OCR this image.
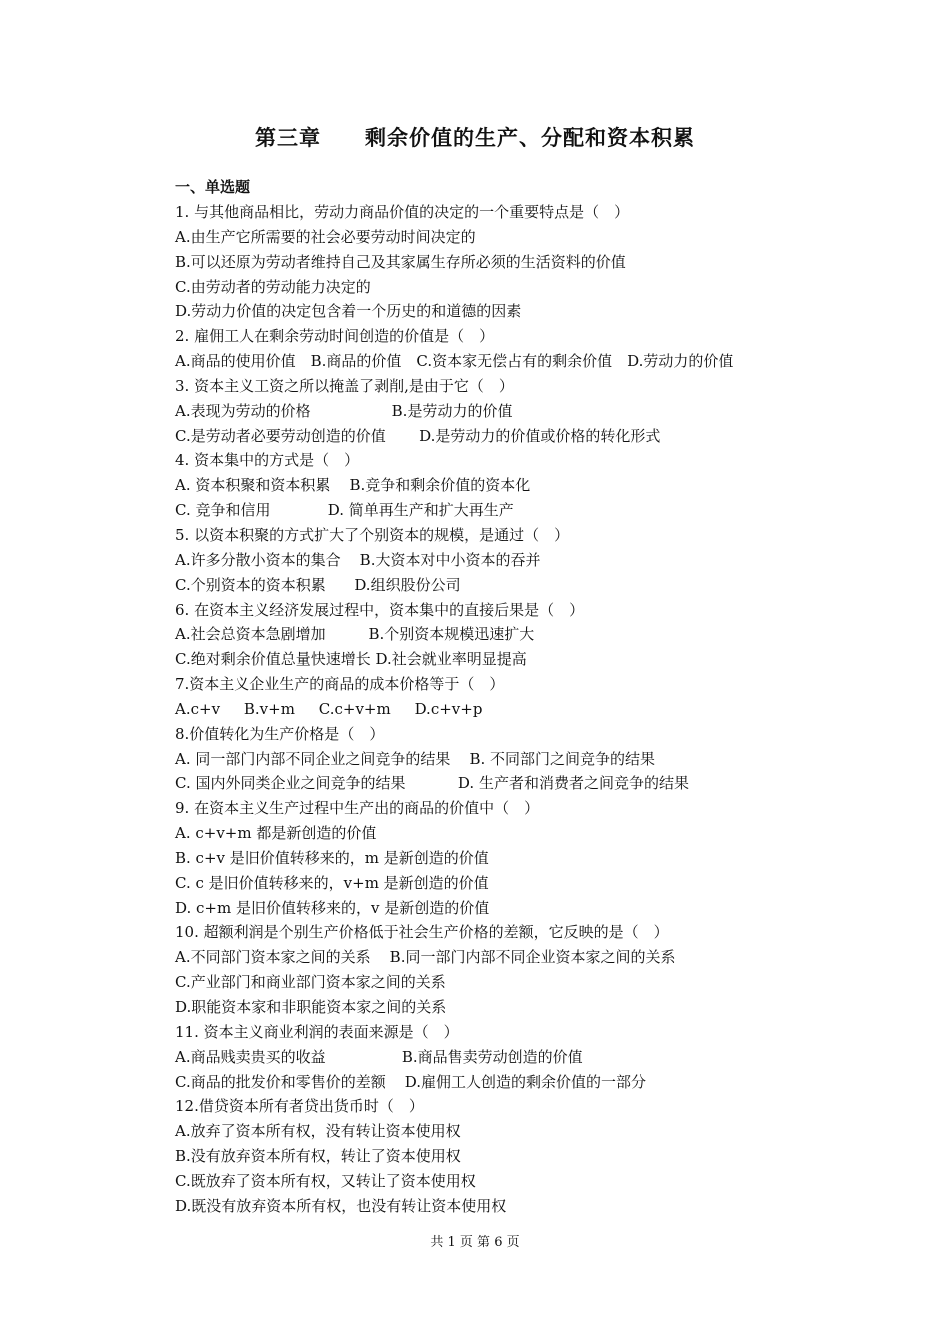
第三章　　剩余价值的生产、分配和资本积累
一、单选题
1. 与其他商品相比，劳动力商品价值的决定的一个重要特点是（　）
A.由生产它所需要的社会必要劳动时间决定的
B.可以还原为劳动者维持自己及其家属生存所必须的生活资料的价值
C.由劳动者的劳动能力决定的
D.劳动力价值的决定包含着一个历史的和道德的因素
2. 雇佣工人在剩余劳动时间创造的价值是（　）
A.商品的使用价值　B.商品的价值　C.资本家无偿占有的剩余价值　D.劳动力的价值
3. 资本主义工资之所以掩盖了剥削,是由于它（　）
A.表现为劳动的价格                 B.是劳动力的价值
C.是劳动者必要劳动创造的价值       D.是劳动力的价值或价格的转化形式
4. 资本集中的方式是（　）
A. 资本积聚和资本积累    B.竞争和剩余价值的资本化
C. 竞争和信用            D. 简单再生产和扩大再生产
5. 以资本积聚的方式扩大了个别资本的规模，是通过（　）
A.许多分散小资本的集合    B.大资本对中小资本的吞并
C.个别资本的资本积累      D.组织股份公司
6. 在资本主义经济发展过程中，资本集中的直接后果是（　）
A.社会总资本急剧增加         B.个别资本规模迅速扩大
C.绝对剩余价值总量快速增长 D.社会就业率明显提高
7.资本主义企业生产的商品的成本价格等于（　）
A.c+v     B.v+m     C.c+v+m     D.c+v+p
8.价值转化为生产价格是（　）
A. 同一部门内部不同企业之间竞争的结果    B. 不同部门之间竞争的结果
C. 国内外同类企业之间竞争的结果           D. 生产者和消费者之间竞争的结果
9. 在资本主义生产过程中生产出的商品的价值中（　）
A. c+v+m 都是新创造的价值
B. c+v 是旧价值转移来的，m 是新创造的价值
C. c 是旧价值转移来的，v+m 是新创造的价值
D. c+m 是旧价值转移来的，v 是新创造的价值
10. 超额利润是个别生产价格低于社会生产价格的差额，它反映的是（　）
A.不同部门资本家之间的关系    B.同一部门内部不同企业资本家之间的关系
C.产业部门和商业部门资本家之间的关系
D.职能资本家和非职能资本家之间的关系
11. 资本主义商业利润的表面来源是（　）
A.商品贱卖贵买的收益                B.商品售卖劳动创造的价值
C.商品的批发价和零售价的差额    D.雇佣工人创造的剩余价值的一部分
12.借贷资本所有者贷出货币时（　）
A.放弃了资本所有权，没有转让资本使用权
B.没有放弃资本所有权，转让了资本使用权
C.既放弃了资本所有权，又转让了资本使用权
D.既没有放弃资本所有权，也没有转让资本使用权
共 1 页 第 6 页
